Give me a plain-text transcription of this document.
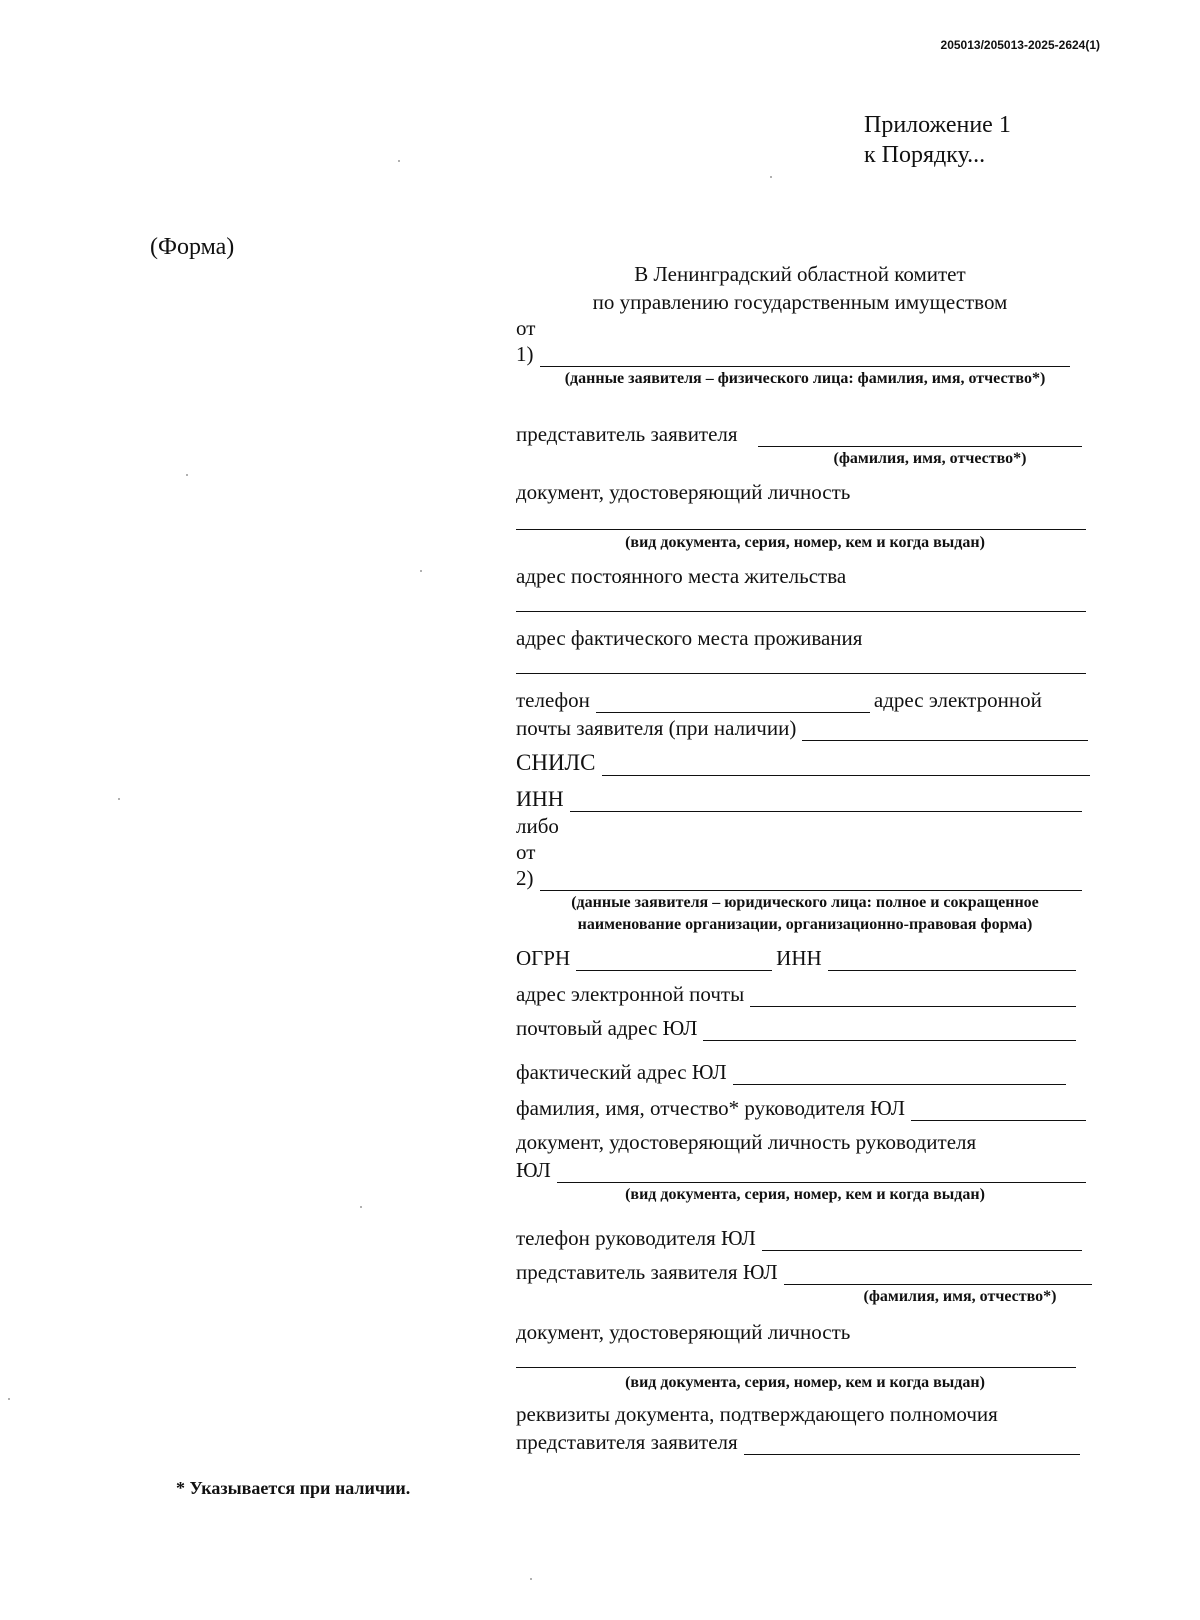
205013/205013-2025-2624(1)
Приложение 1
к Порядку...
(Форма)
В Ленинградский областной комитет
по управлению государственным имуществом
от
1)
(данные заявителя – физического лица: фамилия, имя, отчество*)
представитель заявителя
(фамилия, имя, отчество*)
документ, удостоверяющий личность
(вид документа, серия, номер, кем и когда выдан)
адрес постоянного места жительства
адрес фактического места проживания
телефон	адрес электронной
почты заявителя (при наличии)
СНИЛС
ИНН
либо
от
2)
(данные заявителя – юридического лица: полное и сокращенное
наименование организации, организационно-правовая форма)
ОГРН	ИНН
адрес электронной почты
почтовый адрес ЮЛ
фактический адрес ЮЛ
фамилия, имя, отчество* руководителя ЮЛ
документ, удостоверяющий личность руководителя
ЮЛ
(вид документа, серия, номер, кем и когда выдан)
телефон руководителя ЮЛ
представитель заявителя ЮЛ
(фамилия, имя, отчество*)
документ, удостоверяющий личность
(вид документа, серия, номер, кем и когда выдан)
реквизиты документа, подтверждающего полномочия
представителя заявителя
* Указывается при наличии.
